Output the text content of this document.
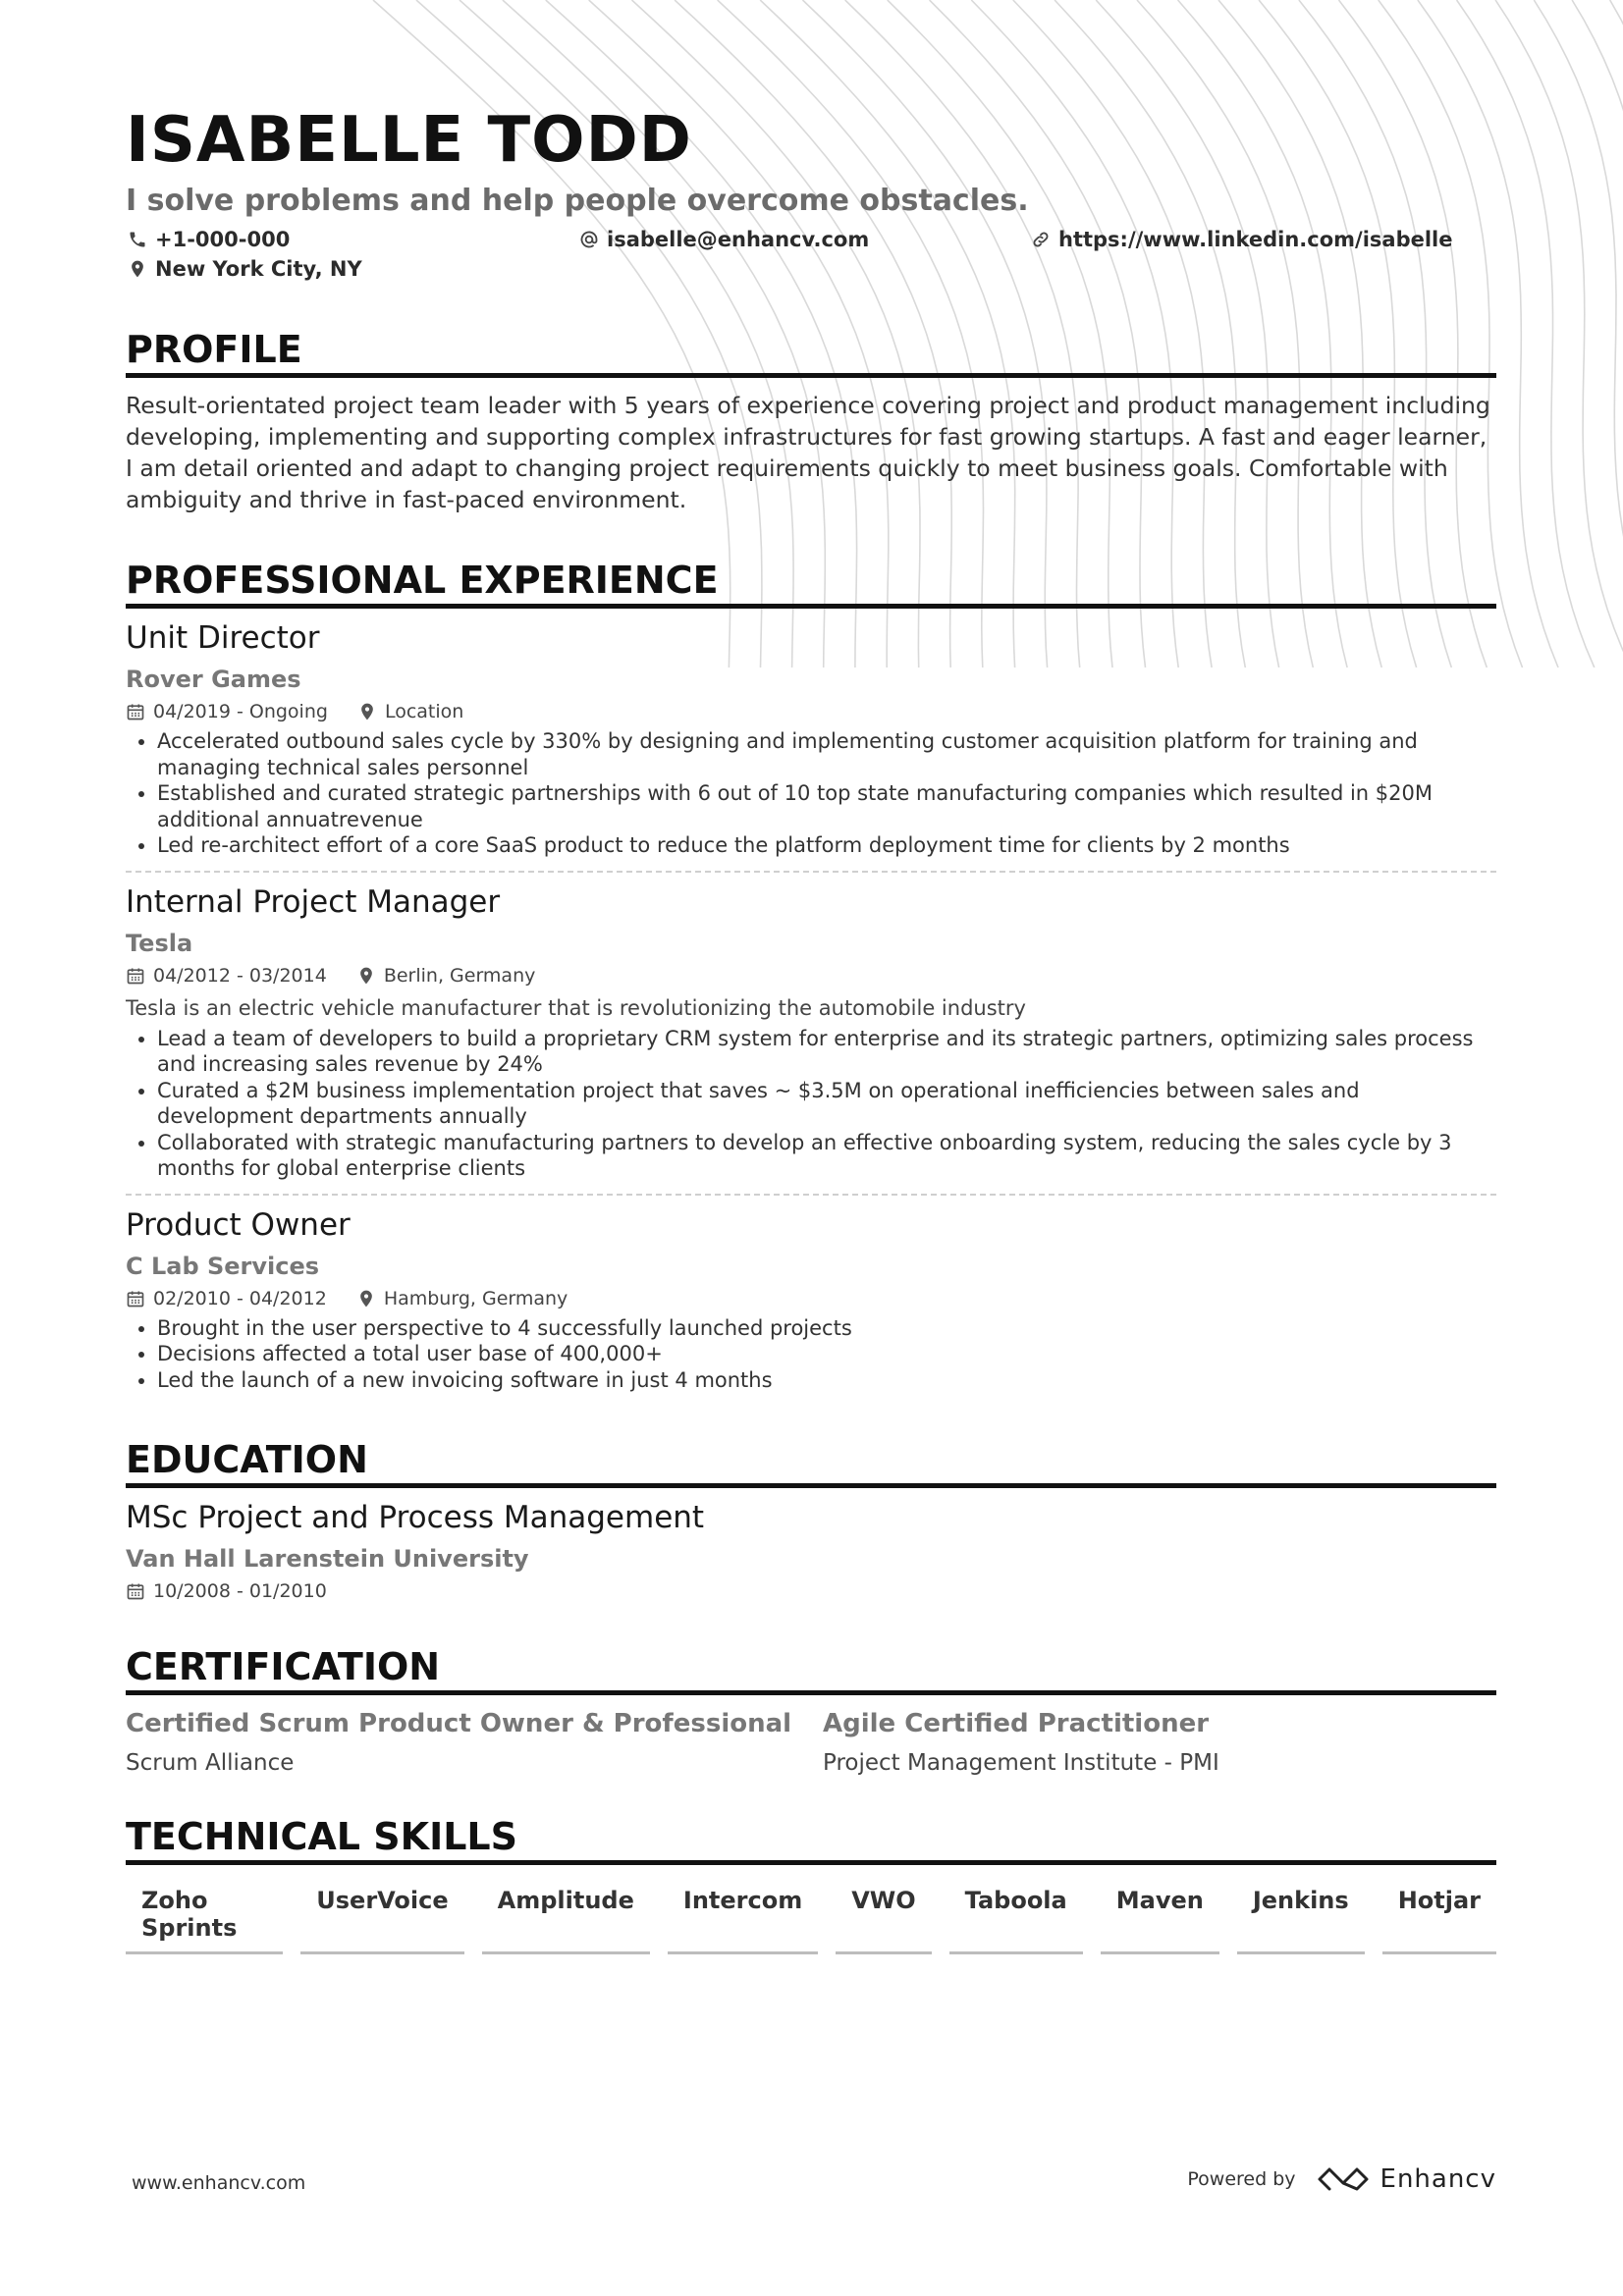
ISABELLE TODD
I solve problems and help people overcome obstacles.
+1-000-000	isabelle@enhancv.com	https://www.linkedin.com/isabelle
New York City, NY
PROFILE
Result-orientated project team leader with 5 years of experience covering project and product management including developing, implementing and supporting complex infrastructures for fast growing startups. A fast and eager learner, I am detail oriented and adapt to changing project requirements quickly to meet business goals. Comfortable with ambiguity and thrive in fast-paced environment.
PROFESSIONAL EXPERIENCE
Unit Director
Rover Games
04/2019 - Ongoing	Location
• Accelerated outbound sales cycle by 330% by designing and implementing customer acquisition platform for training and managing technical sales personnel
• Established and curated strategic partnerships with 6 out of 10 top state manufacturing companies which resulted in $20M additional annuatrevenue
• Led re-architect effort of a core SaaS product to reduce the platform deployment time for clients by 2 months
Internal Project Manager
Tesla
04/2012 - 03/2014	Berlin, Germany
Tesla is an electric vehicle manufacturer that is revolutionizing the automobile industry
• Lead a team of developers to build a proprietary CRM system for enterprise and its strategic partners, optimizing sales process and increasing sales revenue by 24%
• Curated a $2M business implementation project that saves ~ $3.5M on operational inefficiencies between sales and development departments annually
• Collaborated with strategic manufacturing partners to develop an effective onboarding system, reducing the sales cycle by 3 months for global enterprise clients
Product Owner
C Lab Services
02/2010 - 04/2012	Hamburg, Germany
• Brought in the user perspective to 4 successfully launched projects
• Decisions affected a total user base of 400,000+
• Led the launch of a new invoicing software in just 4 months
EDUCATION
MSc Project and Process Management
Van Hall Larenstein University
10/2008 - 01/2010
CERTIFICATION
Certified Scrum Product Owner & Professional
Scrum Alliance
Agile Certified Practitioner
Project Management Institute - PMI
TECHNICAL SKILLS
Zoho Sprints
UserVoice	Amplitude	Intercom	VWO	Taboola	Maven	Jenkins	Hotjar
www.enhancv.com	Powered by	Enhancv
